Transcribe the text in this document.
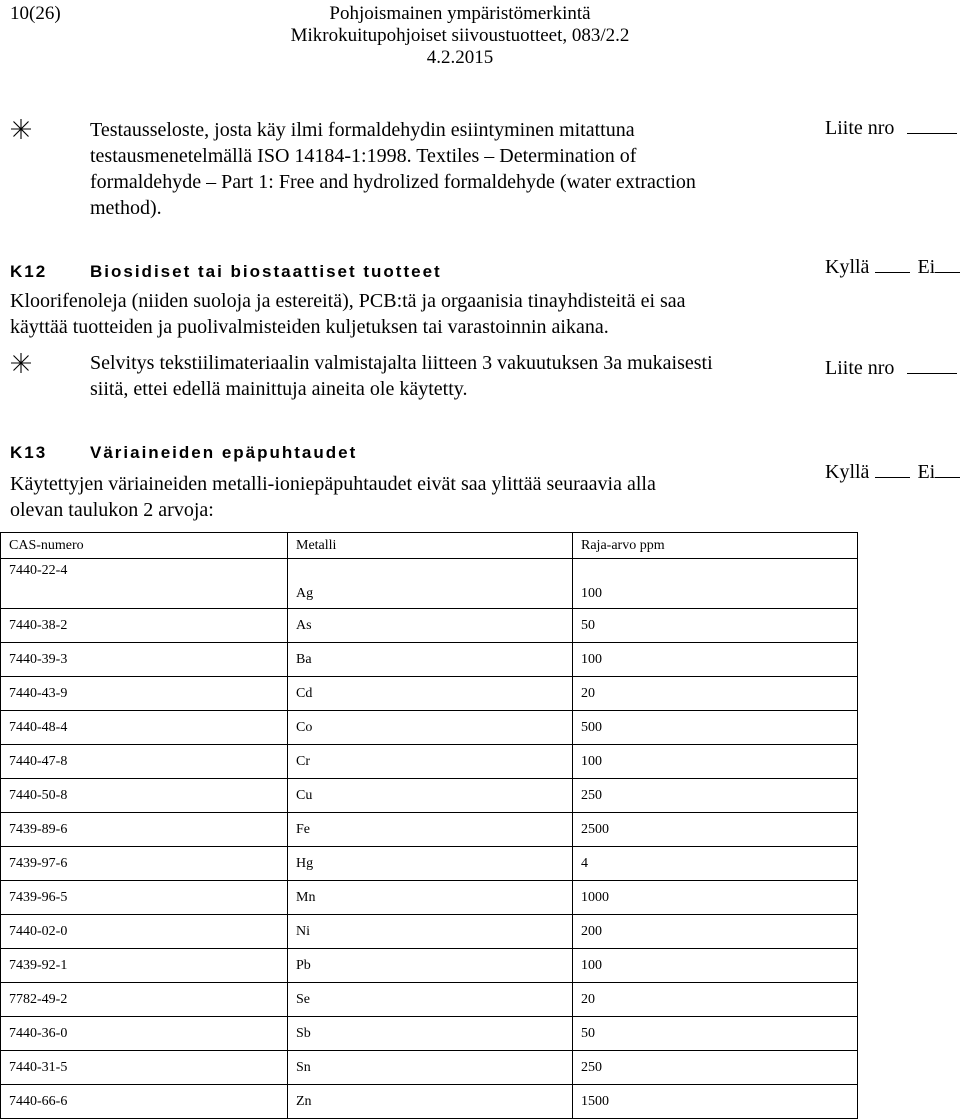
10(26)	Pohjoismainen ympäristömerkintä
Mikrokuitupohjoiset siivoustuotteet, 083/2.2
4.2.2015
Testausseloste, josta käy ilmi formaldehydin esiintyminen mitattuna
testausmenetelmällä ISO 14184-1:1998. Textiles – Determination of
formaldehyde – Part 1: Free and hydrolized formaldehyde (water extraction
method).
Liite nro
K12	Biosidiset tai biostaattiset tuotteet	Kyllä Ei
Kloorifenoleja (niiden suoloja ja estereitä), PCB:tä ja orgaanisia tinayhdisteitä ei saa
käyttää tuotteiden ja puolivalmisteiden kuljetuksen tai varastoinnin aikana.
Selvitys tekstiilimateriaalin valmistajalta liitteen 3 vakuutuksen 3a mukaisesti
siitä, ettei edellä mainittuja aineita ole käytetty.
Liite nro
K13	Väriaineiden epäpuhtaudet
Kyllä Ei
Käytettyjen väriaineiden metalli-ioniepäpuhtaudet eivät saa ylittää seuraavia alla
olevan taulukon 2 arvoja:
CAS-numero	Metalli	Raja-arvo ppm
7440-22-4	Ag	100
7440-38-2	As	50
7440-39-3	Ba	100
7440-43-9	Cd	20
7440-48-4	Co	500
7440-47-8	Cr	100
7440-50-8	Cu	250
7439-89-6	Fe	2500
7439-97-6	Hg	4
7439-96-5	Mn	1000
7440-02-0	Ni	200
7439-92-1	Pb	100
7782-49-2	Se	20
7440-36-0	Sb	50
7440-31-5	Sn	250
7440-66-6	Zn	1500
